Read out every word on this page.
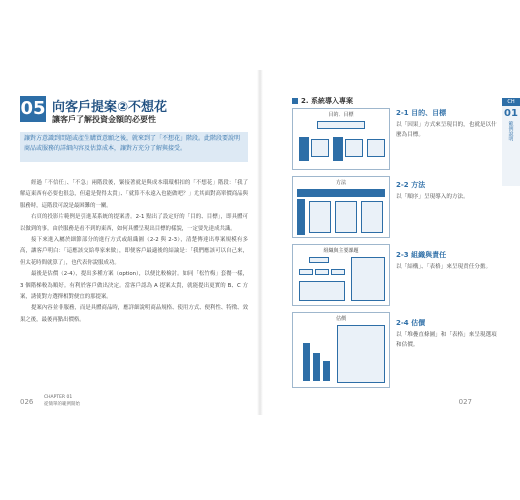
05 向客戶提案②不想花
讓客戶了解投資金額的必要性
讓對方意識到問題或產生購買意願之後，就來到了「不想花」階段。此階段要說明商品或服務的詳細內容及估算成本，讓對方充分了解與接受。

經過「不信任」、「不急」兩階段後，緊接著就是與成本環環相扣的「不想花」階段：「我了解這東西有必要也很急，但還是覺得太貴」、「就算不永遠入也能做吧？」尤其面對高單價商品與服務時，這階段可說是最困難的一關。

右頁的投影片範例是引進某系統的提案書。2-1 點出了設定好的「目的、目標」，即具體可以做到的事。由於服務是看不到的東西，如何具體呈現出目標的樣貌，一定要先達成共識。

接下來進入屬於細節部分的進行方式或組織圖（2-2 與 2-3），清楚傳達出專案規模有多高，讓客戶明白：「這應該交給專家來做」，即便客戶最適後的結論是：「我們應該可以自己來，但太花時間就算了」，也代表你說服成功。

最後是估價（2-4），提出多種方案（option），以便比較檢討。如同「松竹梅」套餐一樣，3 個階梯較為順好。有利於客戶做出決定。當客戶認為 A 提案太貴，就能提出更實的 B、C 方案，誘使對方選擇相對便宜的那提案。

提案內容並非服務，而是具體商品時，應詳細說明商品規格、使用方式、便利性、特徵、效果之後，最後再點出價格。

026
CHAPTER 01
從簡單的範例開始
2. 系統導入專案	CH
01
範例說明
目的．目標
方法
組織與主要課題
估價
2-1 目的、目標
以「因果」方式來呈現目的，也就是以什麼為目標。
2-2 方法
以「順序」呈現導入的方法。
2-3 組織與責任
以「結構」、「表格」來呈現責任分擔。
2-4 估價
以「堆疊直條圖」和「表格」來呈現選項和估價。
027
